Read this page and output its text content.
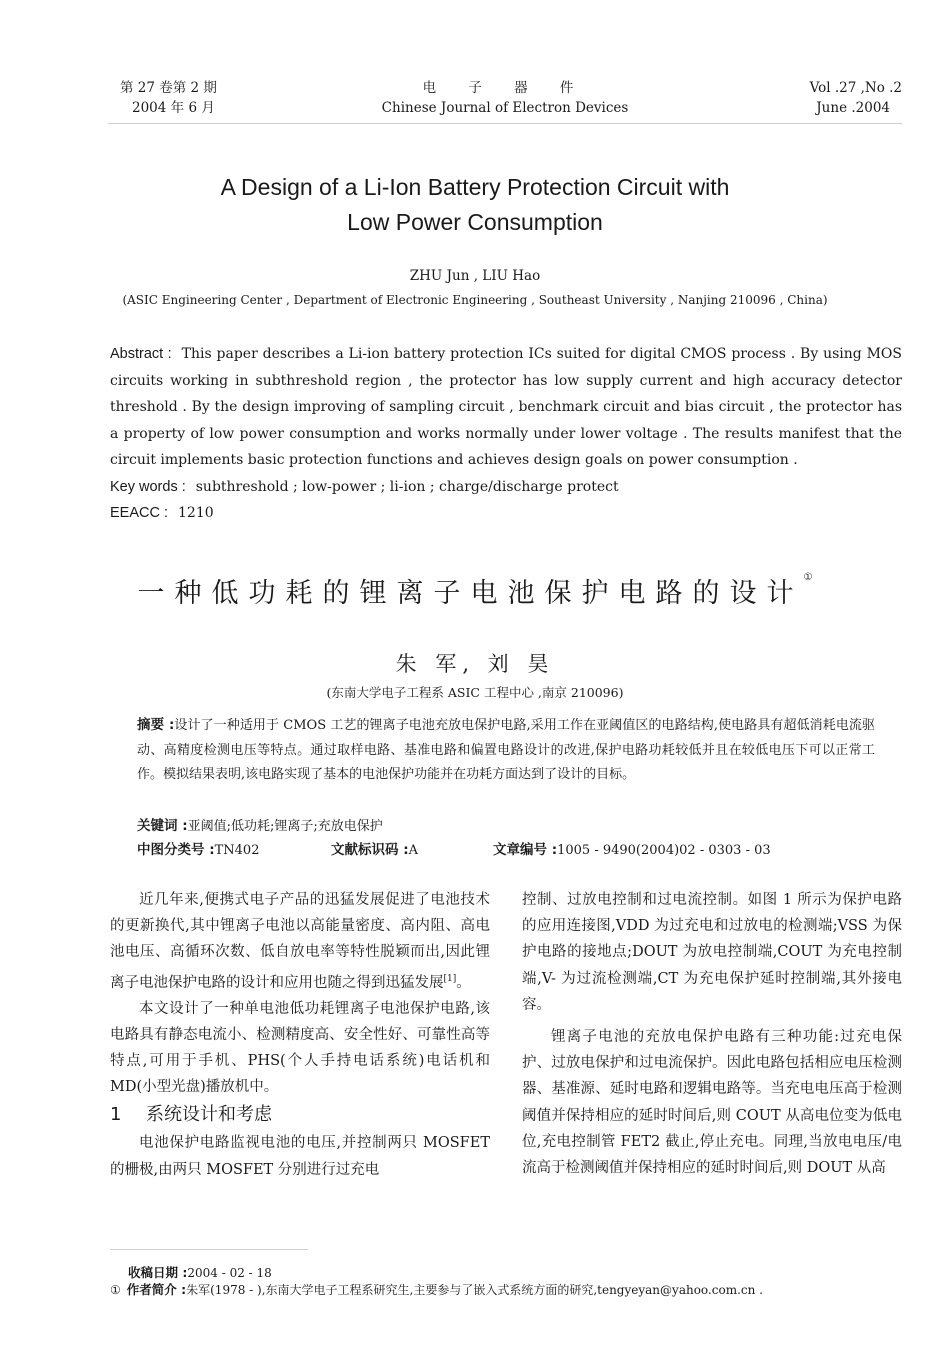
第 27 卷第 2 期
2004 年 6 月
电 子 器 件
Chinese Journal of Electron Devices
Vol .27 ,No .2
June .2004
A Design of a Li-Ion Battery Protection Circuit with
Low Power Consumption
ZHU Jun , LIU Hao
(ASIC Engineering Center , Department of Electronic Engineering , Southeast University , Nanjing 210096 , China)
Abstract : This paper describes a Li-ion battery protection ICs suited for digital CMOS process . By using MOS circuits working in subthreshold region , the protector has low supply current and high accuracy detector threshold . By the design improving of sampling circuit , benchmark circuit and bias circuit , the protector has a property of low power consumption and works normally under lower voltage . The results manifest that the circuit implements basic protection functions and achieves design goals on power consumption .
Key words : subthreshold ; low-power ; li-ion ; charge/discharge protect
EEACC : 1210
一种低功耗的锂离子电池保护电路的设计①
朱 军, 刘 昊
(东南大学电子工程系 ASIC 工程中心 ,南京 210096)
摘要 :设计了一种适用于 CMOS 工艺的锂离子电池充放电保护电路,采用工作在亚阈值区的电路结构,使电路具有超低消耗电流驱动、高精度检测电压等特点。通过取样电路、基准电路和偏置电路设计的改进,保护电路功耗较低并且在较低电压下可以正常工作。模拟结果表明,该电路实现了基本的电池保护功能并在功耗方面达到了设计的目标。
关键词 :亚阈值;低功耗;锂离子;充放电保护
中图分类号 :TN402	文献标识码 :A	文章编号 :1005 - 9490(2004)02 - 0303 - 03

近几年来,便携式电子产品的迅猛发展促进了电池技术的更新换代,其中锂离子电池以高能量密度、高内阻、高电池电压、高循环次数、低自放电率等特性脱颖而出,因此锂离子电池保护电路的设计和应用也随之得到迅猛发展[1]。

本文设计了一种单电池低功耗锂离子电池保护电路,该电路具有静态电流小、检测精度高、安全性好、可靠性高等特点,可用于手机、PHS(个人手持电话系统)电话机和 MD(小型光盘)播放机中。

1 系统设计和考虑

电池保护电路监视电池的电压,并控制两只 MOSFET 的栅极,由两只 MOSFET 分别进行过充电

控制、过放电控制和过电流控制。如图 1 所示为保护电路的应用连接图,VDD 为过充电和过放电的检测端;VSS 为保护电路的接地点;DOUT 为放电控制端,COUT 为充电控制端,V- 为过流检测端,CT 为充电保护延时控制端,其外接电容。

锂离子电池的充放电保护电路有三种功能:过充电保护、过放电保护和过电流保护。因此电路包括相应电压检测器、基准源、延时电路和逻辑电路等。当充电电压高于检测阈值并保持相应的延时时间后,则 COUT 从高电位变为低电位,充电控制管 FET2 截止,停止充电。同理,当放电电压/电流高于检测阈值并保持相应的延时时间后,则 DOUT 从高

收稿日期 :2004 - 02 - 18
① 作者简介 :朱军(1978 - ),东南大学电子工程系研究生,主要参与了嵌入式系统方面的研究,tengyeyan@yahoo.com.cn .
